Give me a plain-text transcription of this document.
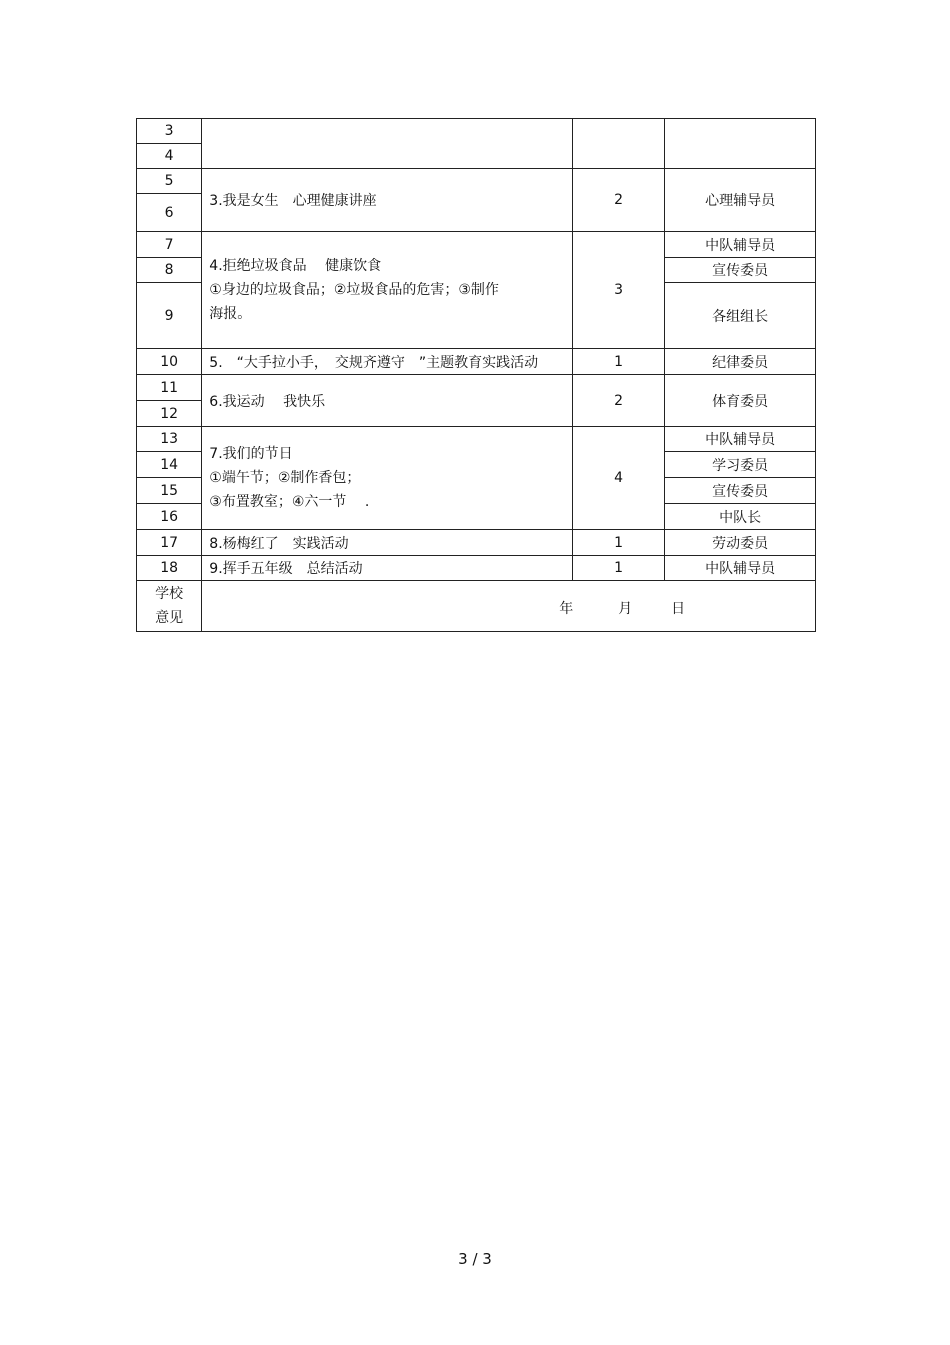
3			
4			
5	3.我是女生　心理健康讲座	2	心理辅导员
6			
7	4.拒绝垃圾食品　 健康饮食
①身边的垃圾食品；②垃圾食品的危害；③制作
海报。	3	中队辅导员
8			宣传委员
9			各组组长
10	5.　“大手拉小手，　交规齐遵守　”主题教育实践活动	1	纪律委员
11	6.我运动　 我快乐	2	体育委员
12			
13	7.我们的节日
①端午节；②制作香包；
③布置教室；④六一节　 .	4	中队辅导员
14			学习委员
15			宣传委员
16			中队长
17	8.杨梅红了　实践活动	1	劳动委员
18	9.挥手五年级　总结活动	1	中队辅导员

学校
意见	年 月 日		
3 / 3
